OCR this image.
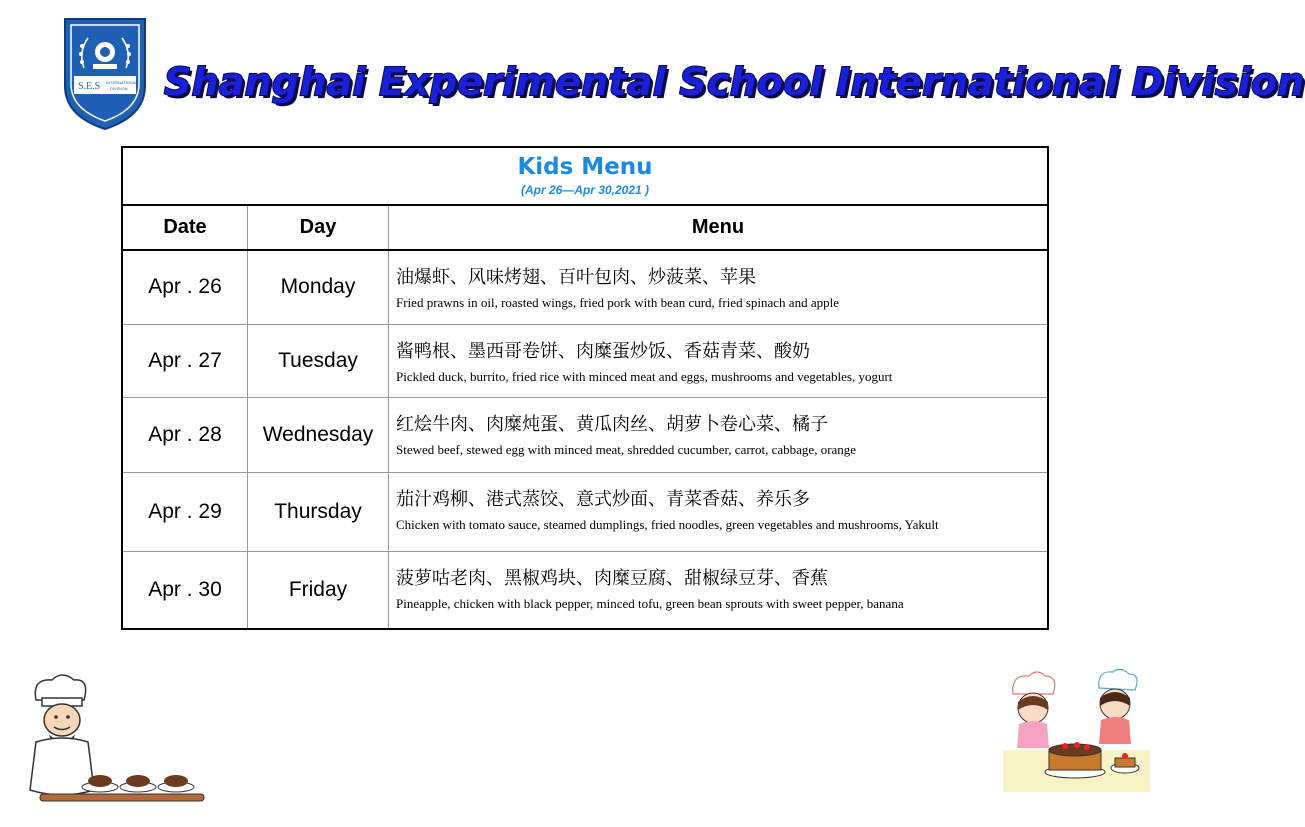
S.E.S INTERNATIONAL
DIVISION Shanghai Experimental School International Division
Kids Menu
(Apr 26—Apr 30,2021 )		

Date	Day	Menu
Apr . 26	Monday	油爆虾、风味烤翅、百叶包肉、炒菠菜、苹果
Fried prawns in oil, roasted wings, fried pork with bean curd, fried spinach and apple

Apr . 27	Tuesday	酱鸭根、墨西哥卷饼、肉糜蛋炒饭、香菇青菜、酸奶
Pickled duck, burrito, fried rice with minced meat and eggs, mushrooms and vegetables, yogurt

Apr . 28	Wednesday	红烩牛肉、肉糜炖蛋、黄瓜肉丝、胡萝卜卷心菜、橘子
Stewed beef, stewed egg with minced meat, shredded cucumber, carrot, cabbage, orange

Apr . 29	Thursday	茄汁鸡柳、港式蒸饺、意式炒面、青菜香菇、养乐多
Chicken with tomato sauce, steamed dumplings, fried noodles, green vegetables and mushrooms, Yakult

Apr . 30	Friday	菠萝咕老肉、黑椒鸡块、肉糜豆腐、甜椒绿豆芽、香蕉
Pineapple, chicken with black pepper, minced tofu, green bean sprouts with sweet pepper, banana
